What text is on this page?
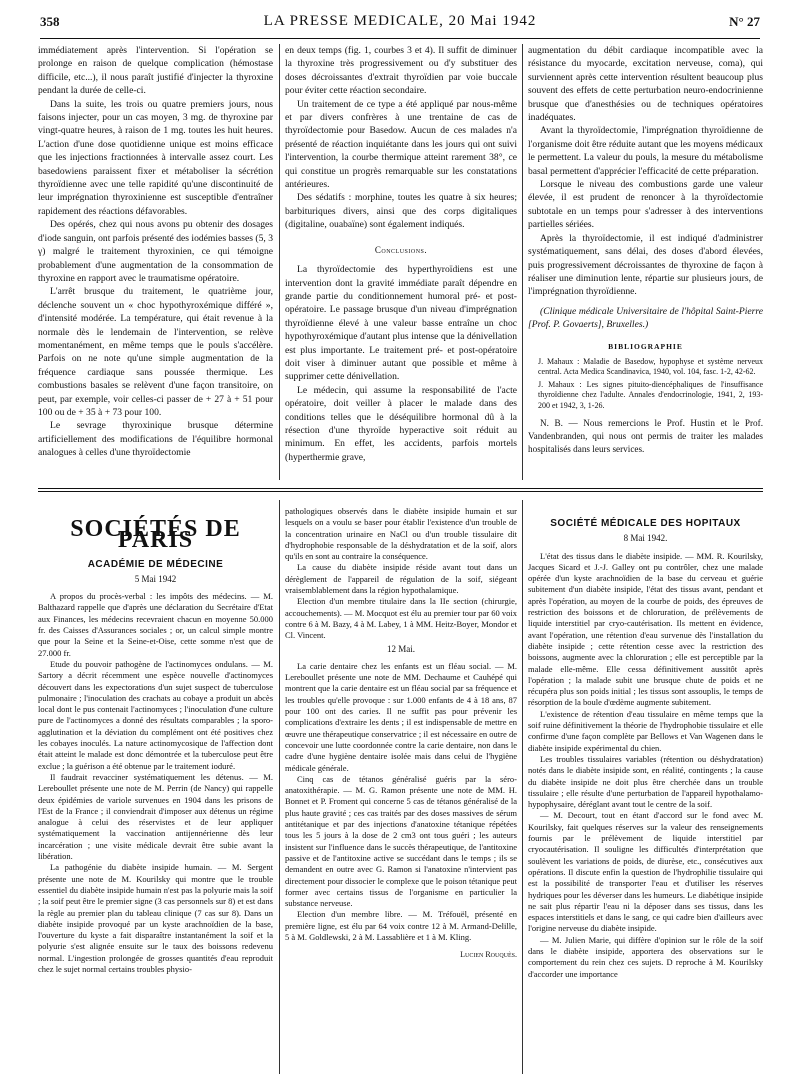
358	LA PRESSE MEDICALE, 20 Mai 1942	N° 27

immédiatement après l'intervention. Si l'opération se prolonge en raison de quelque complication (hémostase difficile, etc...), il nous paraît justifié d'injecter la thyroxine pendant la durée de celle-ci.

Dans la suite, les trois ou quatre premiers jours, nous faisons injecter, pour un cas moyen, 3 mg. de thyroxine par vingt-quatre heures, à raison de 1 mg. toutes les huit heures. L'action d'une dose quotidienne unique est moins efficace que les injections fractionnées à intervalle assez court. Les basedowiens paraissent fixer et métaboliser la sécrétion thyroïdienne avec une telle rapidité qu'une discontinuité de leur imprégnation thyroxinienne est susceptible d'entraîner rapidement des réactions défavorables.

Des opérés, chez qui nous avons pu obtenir des dosages d'iode sanguin, ont parfois présenté des iodémies basses (5, 3 γ) malgré le traitement thyroxinien, ce qui témoigne probablement d'une augmentation de la consommation de thyroxine en rapport avec le traumatisme opératoire.

L'arrêt brusque du traitement, le quatrième jour, déclenche souvent un « choc hypothyroxémique différé », d'intensité modérée. La température, qui était revenue à la normale dès le lendemain de l'intervention, se relève momentanément, en même temps que le pouls s'accélère. Parfois on ne note qu'une simple augmentation de la fréquence cardiaque sans poussée thermique. Les combustions basales se relèvent d'une façon transitoire, on peut, par exemple, voir celles-ci passer de + 27 à + 51 pour 100 ou de + 35 à + 73 pour 100.

Le sevrage thyroxinique brusque détermine artificiellement des modifications de l'équilibre hormonal analogues à celles d'une thyroïdectomie

en deux temps (fig. 1, courbes 3 et 4). Il suffit de diminuer la thyroxine très progressivement ou d'y substituer des doses décroissantes d'extrait thyroïdien par voie buccale pour éviter cette réaction secondaire.

Un traitement de ce type a été appliqué par nous-même et par divers confrères à une trentaine de cas de thyroïdectomie pour Basedow. Aucun de ces malades n'a présenté de réaction inquiétante dans les jours qui ont suivi l'intervention, la courbe thermique atteint rarement 38°, ce qui constitue un progrès remarquable sur les constatations antérieures.

Des sédatifs : morphine, toutes les quatre à six heures; barbituriques divers, ainsi que des corps digitaliques (digitaline, ouabaïne) sont également indiqués.

Conclusions.

La thyroïdectomie des hyperthyroïdiens est une intervention dont la gravité immédiate paraît dépendre en grande partie du conditionnement humoral pré- et post-opératoire. Le passage brusque d'un niveau d'imprégnation thyroïdienne élevé à une valeur basse entraîne un choc hypothyroxémique d'autant plus intense que la dénivellation est plus importante. Le traitement pré- et post-opératoire doit viser à diminuer autant que possible et même à supprimer cette dénivellation.

Le médecin, qui assume la responsabilité de l'acte opératoire, doit veiller à placer le malade dans des conditions telles que le déséquilibre hormonal dû à la résection d'une thyroïde hyperactive soit réduit au minimum. En effet, les accidents, parfois mortels (hyperthermie grave,

augmentation du débit cardiaque incompatible avec la résistance du myocarde, excitation nerveuse, coma), qui surviennent après cette intervention résultent beaucoup plus souvent des effets de cette perturbation neuro-endocrinienne brusque que d'anesthésies ou de techniques opératoires inadéquates.

Avant la thyroïdectomie, l'imprégnation thyroïdienne de l'organisme doit être réduite autant que les moyens médicaux le permettent. La valeur du pouls, la mesure du métabolisme basal permettent d'apprécier l'efficacité de cette préparation.

Lorsque le niveau des combustions garde une valeur élevée, il est prudent de renoncer à la thyroïdectomie subtotale en un temps pour s'adresser à des interventions partielles sériées.

Après la thyroïdectomie, il est indiqué d'administrer systématiquement, sans délai, des doses d'abord élevées, puis progressivement décroissantes de thyroxine de façon à réaliser une diminution lente, répartie sur plusieurs jours, de l'imprégnation thyroïdienne.

(Clinique médicale Universitaire de l'hôpital Saint-Pierre [Prof. P. Govaerts], Bruxelles.)

BIBLIOGRAPHIE

J. Mahaux : Maladie de Basedow, hypophyse et système nerveux central. Acta Medica Scandinavica, 1940, vol. 104, fasc. 1-2, 42-62.

J. Mahaux : Les signes pituito-diencéphaliques de l'insuffisance thyroïdienne chez l'adulte. Annales d'endocrinologie, 1941, 2, 193-200 et 1942, 3, 1-26.

N. B. — Nous remercions le Prof. Hustin et le Prof. Vandenbranden, qui nous ont permis de traiter les malades hospitalisés dans leurs services.

SOCIÉTÉS DE PARIS
ACADÉMIE DE MÉDECINE
5 Mai 1942

A propos du procès-verbal : les impôts des médecins. — M. Balthazard rappelle que d'après une déclaration du Secrétaire d'Etat aux Finances, les médecins recevraient chacun en moyenne 50.000 fr. des Caisses d'Assurances sociales ; or, un calcul simple montre que pour la Seine et la Seine-et-Oise, cette somme n'est que de 27.000 fr.

Etude du pouvoir pathogène de l'actinomyces ondulans. — M. Sartory a décrit récemment une espèce nouvelle d'actinomyces découvert dans les expectorations d'un sujet suspect de tuberculose pulmonaire ; l'inoculation des crachats au cobaye a produit un abcès local dont le pus contenait l'actinomyces ; l'inoculation d'une culture pure de l'actinomyces a donné des résultats comparables ; la sporo-agglutination et la déviation du complément ont été positives chez les cobayes inoculés. La nature actinomycosique de l'affection dont était atteint le malade est donc démontrée et la tuberculose peut être exclue ; la guérison a été obtenue par le traitement ioduré.

Il faudrait revacciner systématiquement les détenus. — M. Lereboullet présente une note de M. Perrin (de Nancy) qui rappelle deux épidémies de variole survenues en 1904 dans les prisons de l'Est de la France ; il conviendrait d'imposer aux détenus un régime analogue à celui des réservistes et de leur appliquer systématiquement la vaccination antijennérienne dès leur incarcération ; une visite médicale devrait être subie avant la libération.

La pathogénie du diabète insipide humain. — M. Sergent présente une note de M. Kourilsky qui montre que le trouble essentiel du diabète insipide humain n'est pas la polyurie mais la soif ; la soif peut être le premier signe (3 cas personnels sur 8) et est dans la règle au premier plan du tableau clinique (7 cas sur 8). Dans un diabète insipide provoqué par un kyste arachnoïdien de la base, l'ouverture du kyste a fait disparaître instantanément la soif et la polyurie s'est alignée ensuite sur le taux des boissons redevenu normal. L'ingestion prolongée de grosses quantités d'eau reproduit chez le sujet normal certains troubles physio-

pathologiques observés dans le diabète insipide humain et sur lesquels on a voulu se baser pour établir l'existence d'un trouble de la concentration urinaire en NaCl ou d'un trouble tissulaire dit d'hydrophobie responsable de la déshydratation et de la soif, alors qu'ils en sont au contraire la conséquence.

La cause du diabète insipide réside avant tout dans un dérèglement de l'appareil de régulation de la soif, siégeant vraisemblablement dans la région hypothalamique.

Election d'un membre titulaire dans la IIe section (chirurgie, accouchements). — M. Mocquot est élu au premier tour par 60 voix contre 6 à M. Bazy, 4 à M. Labey, 1 à MM. Heitz-Boyer, Mondor et Cl. Vincent.

12 Mai.

La carie dentaire chez les enfants est un fléau social. — M. Lereboullet présente une note de MM. Dechaume et Cauhépé qui montrent que la carie dentaire est un fléau social par sa fréquence et les troubles qu'elle provoque : sur 1.000 enfants de 4 à 18 ans, 87 pour 100 ont des caries. Il ne suffit pas pour prévenir les complications d'extraire les dents ; il est indispensable de mettre en œuvre une thérapeutique conservatrice ; il est nécessaire en outre de concevoir une lutte coordonnée contre la carie dentaire, non dans le cadre d'une hygiène dentaire isolée mais dans celui de l'hygiène médicale générale.

Cinq cas de tétanos généralisé guéris par la séro-anatoxithérapie. — M. G. Ramon présente une note de MM. H. Bonnet et P. Froment qui concerne 5 cas de tétanos généralisé de la plus haute gravité ; ces cas traités par des doses massives de sérum antitétanique et par des injections d'anatoxine tétanique répétées tous les 5 jours à la dose de 2 cm3 ont tous guéri ; les auteurs insistent sur l'influence dans le succès thérapeutique, de l'antitoxine passive et de l'antitoxine active se succédant dans le temps ; ils se demandent en outre avec G. Ramon si l'anatoxine n'intervient pas directement pour dissocier le complexe que le poison tétanique peut former avec certains tissus de l'organisme en particulier la substance nerveuse.

Election d'un membre libre. — M. Tréfouël, présenté en première ligne, est élu par 64 voix contre 12 à M. Armand-Delille, 5 à M. Goldlewski, 2 à M. Lassablière et 1 à M. Kling.

Lucien Rouquès.
SOCIÉTÉ MÉDICALE DES HOPITAUX
8 Mai 1942.

L'état des tissus dans le diabète insipide. — MM. R. Kourilsky, Jacques Sicard et J.-J. Galley ont pu contrôler, chez une malade opérée d'un kyste arachnoïdien de la base du cerveau et guérie subitement d'un diabète insipide, l'état des tissus avant, pendant et après l'opération, au moyen de la courbe de poids, des épreuves de restriction des boissons et de chloruration, de prélèvements de liquide interstitiel par cryo-cautérisation. Ils mettent en évidence, avant l'opération, une rétention d'eau survenue dès l'installation du diabète insipide ; cette rétention cesse avec la restriction des boissons, augmente avec la chloruration ; elle est perceptible par la malade elle-même. Elle cessa définitivement aussitôt après l'opération ; la malade subit une brusque chute de poids et ne récupéra plus son poids initial ; les tissus sont assouplis, le temps de résorption de la boule d'œdème augmente subitement.

L'existence de rétention d'eau tissulaire en même temps que la soif ruine définitivement la théorie de l'hydrophobie tissulaire et elle confirme d'une façon complète par Bellows et Van Wagenen dans le diabète insipide expérimental du chien.

Les troubles tissulaires variables (rétention ou déshydratation) notés dans le diabète insipide sont, en réalité, contingents ; la cause du diabète insipide ne doit plus être cherchée dans un trouble tissulaire ; elle résulte d'une perturbation de l'appareil hypothalamo-hypophysaire, déréglant avant tout le centre de la soif.

— M. Decourt, tout en étant d'accord sur le fond avec M. Kourilsky, fait quelques réserves sur la valeur des renseignements fournis par le prélèvement de liquide interstitiel par cryocautérisation. Il souligne les difficultés d'interprétation que soulèvent les variations de poids, de diurèse, etc., consécutives aux opérations. Il discute enfin la question de l'hydrophilie tissulaire qui est la possibilité de transporter l'eau et d'utiliser les réserves hydriques pour les déverser dans les humeurs. Le diabétique insipide ne sait plus répartir l'eau ni la déposer dans ses tissus, dans les espaces interstitiels et dans le sang, ce qui cadre bien d'ailleurs avec l'origine nerveuse du diabète insipide.

— M. Julien Marie, qui diffère d'opinion sur le rôle de la soif dans le diabète insipide, apportera des observations sur le comportement du rein chez ces sujets. D reproche à M. Kourilsky d'accorder une importance
